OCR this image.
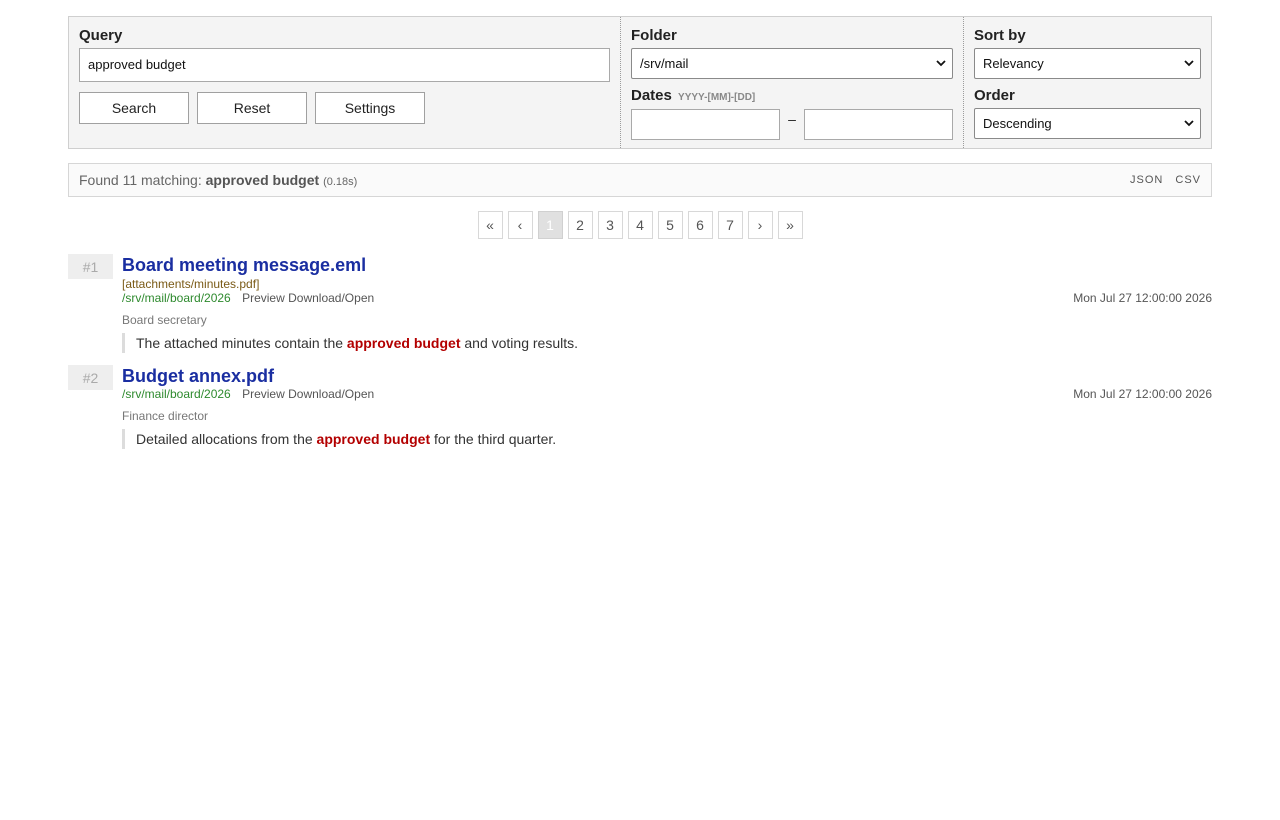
Query
approved budget
Search	Reset	Settings
Folder
/srv/mail
Dates YYYY-[MM]-[DD]
–
Sort by
Relevancy
Order
Descending
Found 11 matching: approved budget (0.18s)	JSON CSV
«	‹	1	2	3	4	5	6	7	›	»
#1	Board meeting message.eml
[attachments/minutes.pdf]
/srv/mail/board/2026 Preview Download/Open	Mon Jul 27 12:00:00 2026
Board secretary
The attached minutes contain the approved budget and voting results.
#2	Budget annex.pdf
/srv/mail/board/2026 Preview Download/Open	Mon Jul 27 12:00:00 2026
Finance director
Detailed allocations from the approved budget for the third quarter.
